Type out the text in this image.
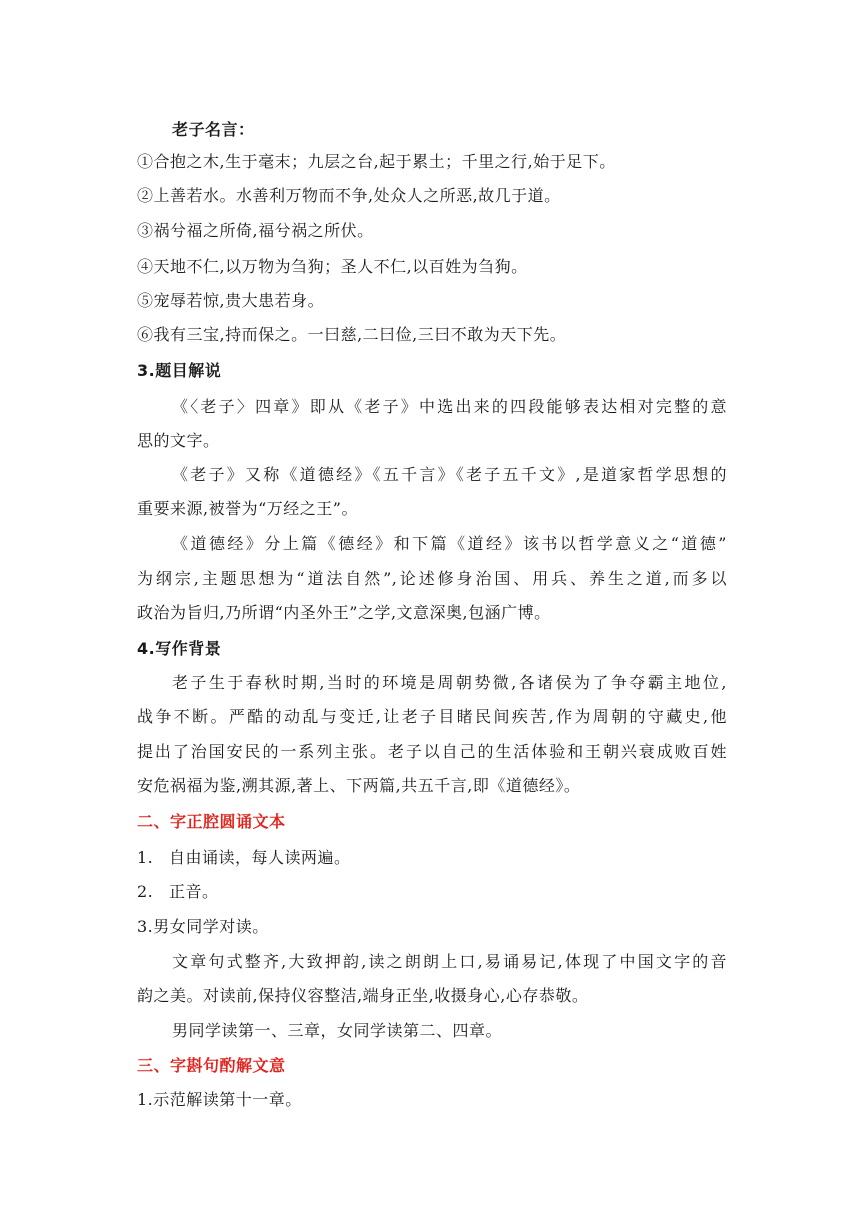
老子名言：
①合抱之木,生于毫末；九层之台,起于累土；千里之行,始于足下。
②上善若水。水善利万物而不争,处众人之所恶,故几于道。
③祸兮福之所倚,福兮祸之所伏。
④天地不仁,以万物为刍狗；圣人不仁,以百姓为刍狗。
⑤宠辱若惊,贵大患若身。
⑥我有三宝,持而保之。一曰慈,二曰俭,三曰不敢为天下先。
3.题目解说
《〈老子〉四章》即从《老子》中选出来的四段能够表达相对完整的意
思的文字。
《老子》又称《道德经》《五千言》《老子五千文》,是道家哲学思想的
重要来源,被誉为“万经之王”。
《道德经》分上篇《德经》和下篇《道经》该书以哲学意义之“道德”
为纲宗,主题思想为“道法自然”,论述修身治国、用兵、养生之道,而多以
政治为旨归,乃所谓“内圣外王”之学,文意深奥,包涵广博。
4.写作背景
老子生于春秋时期,当时的环境是周朝势微,各诸侯为了争夺霸主地位,
战争不断。严酷的动乱与变迁,让老子目睹民间疾苦,作为周朝的守藏史,他
提出了治国安民的一系列主张。老子以自己的生活体验和王朝兴衰成败百姓
安危祸福为鉴,溯其源,著上、下两篇,共五千言,即《道德经》。
二、字正腔圆诵文本
1. 自由诵读，每人读两遍。
2. 正音。
3.男女同学对读。
文章句式整齐,大致押韵,读之朗朗上口,易诵易记,体现了中国文字的音
韵之美。对读前,保持仪容整洁,端身正坐,收摄身心,心存恭敬。
男同学读第一、三章，女同学读第二、四章。
三、字斟句酌解文意
1.示范解读第十一章。
